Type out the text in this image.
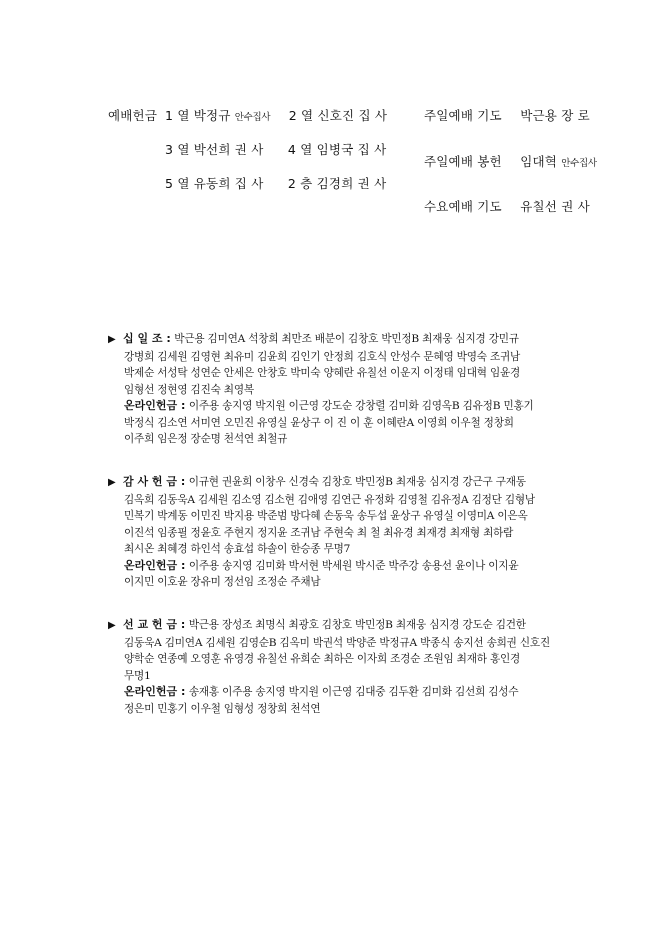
예배헌금 1 열 박정규 안수집사 2 열 신호진 집 사
3 열 박선희 권 사 4 열 임병국 집 사
5 열 유동희 집 사 2 층 김경희 권 사
주일예배 기도 박근용 장 로
주일예배 봉헌 임대혁 안수집사
수요예배 기도 유칠선 권 사
▶ 십 일 조 : 박근용 김미연A 석창희 최만조 배분이 김창호 박민정B 최재웅 심지경 강민규
강병희 김세원 김영현 최유미 김윤희 김인기 안정희 김호식 안성수 문혜영 박영숙 조귀남
박제순 서성탁 성연순 안세은 안창호 박미숙 양혜란 유칠선 이운지 이정태 임대혁 임윤경
임형선 정현영 김진숙 최영복
온라인헌금 : 이주용 송지영 박지원 이근영 강도순 강창렬 김미화 김영옥B 김유정B 민홍기
박정식 김소연 서미연 오민진 유영실 윤상구 이 진 이 훈 이혜란A 이영희 이우철 정창희
이주희 임은정 장순명 천석연 최철규
▶ 감 사 헌 금 : 이규현 권윤희 이창우 신경숙 김창호 박민정B 최재웅 심지경 강근구 구재동
김옥희 김동욱A 김세원 김소영 김소현 김애영 김연근 유정화 김영철 김유정A 김정단 김형남
민복기 박계동 이민진 박지용 박준범 방다혜 손동욱 송두섭 윤상구 유영실 이영미A 이은옥
이진석 임종필 정윤호 주현지 정지윤 조귀남 주현숙 최 철 최유경 최재경 최재형 최하람
최시온 최혜경 하인석 송효섭 하솔이 한승종 무명7
온라인헌금 : 이주용 송지영 김미화 박서현 박세원 박시준 박주강 송용선 윤이나 이지윤
이지민 이호윤 장유미 정선임 조정순 주채남
▶ 선 교 헌 금 : 박근용 장성조 최명식 최광호 김창호 박민정B 최재웅 심지경 강도순 김건한
김동욱A 김미연A 김세원 김영순B 김옥미 박권석 박양준 박정규A 박종식 송지선 송희권 신호진
양학순 연종예 오영훈 유영경 유칠선 유희순 최하은 이자희 조경순 조원임 최재하 홍인경
무명1
온라인헌금 : 송재홍 이주용 송지영 박지원 이근영 김대중 김두환 김미화 김선희 김성수
정은미 민홍기 이우철 임형성 정창희 천석연
